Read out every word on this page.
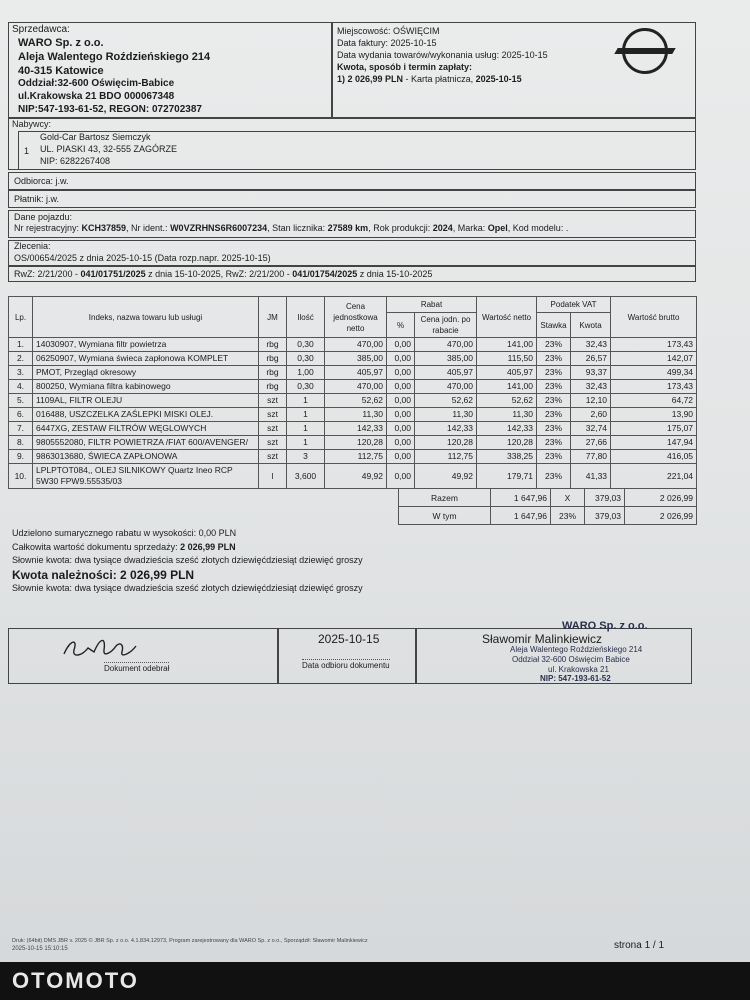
Sprzedawca:
WARO Sp. z o.o.
Aleja Walentego Roździeńskiego 214
40-315 Katowice
Oddział:32-600 Oświęcim-Babice
ul.Krakowska 21 BDO 000067348
NIP:547-193-61-52, REGON: 072702387
Miejscowość: OŚWIĘCIM
Data faktury: 2025-10-15
Data wydania towarów/wykonania usług: 2025-10-15
Kwota, sposób i termin zapłaty:
1) 2 026,99 PLN - Karta płatnicza, 2025-10-15
Nabywcy:
1
Gold-Car Bartosz Siemczyk
UL. PIASKI 43, 32-555 ZAGÓRZE
NIP: 6282267408
Odbiorca: j.w.
Płatnik: j.w.
Dane pojazdu:
Nr rejestracyjny: KCH37859, Nr ident.: W0VZRHNS6R6007234, Stan licznika: 27589 km, Rok produkcji: 2024, Marka: Opel, Kod modelu: .
Zlecenia:
OS/00654/2025 z dnia 2025-10-15 (Data rozp.napr. 2025-10-15)
RwZ: 2/21/200 - 041/01751/2025 z dnia 15-10-2025, RwZ: 2/21/200 - 041/01754/2025 z dnia 15-10-2025
Lp.	Indeks, nazwa towaru lub usługi	JM	Ilość	Cena jednostkowa netto	Rabat		Wartość netto	Podatek VAT		Wartość brutto
					%	Cena jodn. po rabacie		Stawka	Kwota	
1.	14030907, Wymiana filtr powietrza	rbg	0,30	470,00	0,00	470,00	141,00	23%	32,43	173,43
2.	06250907, Wymiana świeca zapłonowa KOMPLET	rbg	0,30	385,00	0,00	385,00	115,50	23%	26,57	142,07
3.	PMOT, Przegląd okresowy	rbg	1,00	405,97	0,00	405,97	405,97	23%	93,37	499,34
4.	800250, Wymiana filtra kabinowego	rbg	0,30	470,00	0,00	470,00	141,00	23%	32,43	173,43
5.	1109AL, FILTR OLEJU	szt	1	52,62	0,00	52,62	52,62	23%	12,10	64,72
6.	016488, USZCZELKA ZAŚLEPKI MISKI OLEJ.	szt	1	11,30	0,00	11,30	11,30	23%	2,60	13,90
7.	6447XG, ZESTAW FILTRÓW WĘGLOWYCH	szt	1	142,33	0,00	142,33	142,33	23%	32,74	175,07
8.	9805552080, FILTR POWIETRZA /FIAT 600/AVENGER/	szt	1	120,28	0,00	120,28	120,28	23%	27,66	147,94
9.	9863013680, ŚWIECA ZAPŁONOWA	szt	3	112,75	0,00	112,75	338,25	23%	77,80	416,05
10.	LPLPTOT084,, OLEJ SILNIKOWY Quartz Ineo RCP 5W30 FPW9.55535/03	l	3,600	49,92	0,00	49,92	179,71	23%	41,33	221,04
Razem	1 647,96	X	379,03	2 026,99
W tym	1 647,96	23%	379,03	2 026,99
Udzielono sumarycznego rabatu w wysokości: 0,00 PLN
Całkowita wartość dokumentu sprzedaży: 2 026,99 PLN
Słownie kwota: dwa tysiące dwadzieścia sześć złotych dziewięćdziesiąt dziewięć groszy
Kwota należności: 2 026,99 PLN
Słownie kwota: dwa tysiące dwadzieścia sześć złotych dziewięćdziesiąt dziewięć groszy
Dokument odebrał
2025-10-15
Data odbioru dokumentu
Sławomir Malinkiewicz
WARO Sp. z o.o.
Aleja Walentego Roździeńskiego 214
Oddział 32-600 Oświęcim Babice
ul. Krakowska 21
NIP: 547-193-61-52
Druk: (64bit) DMS JBR v. 2025 © JBR Sp. z o.o. 4.1.834.12973, Program zarejestrowany dla WARO Sp. z o.o., Sporządził: Sławomir Malinkiewicz
2025-10-15 15:10:15	strona 1 / 1
OTOMOTO
